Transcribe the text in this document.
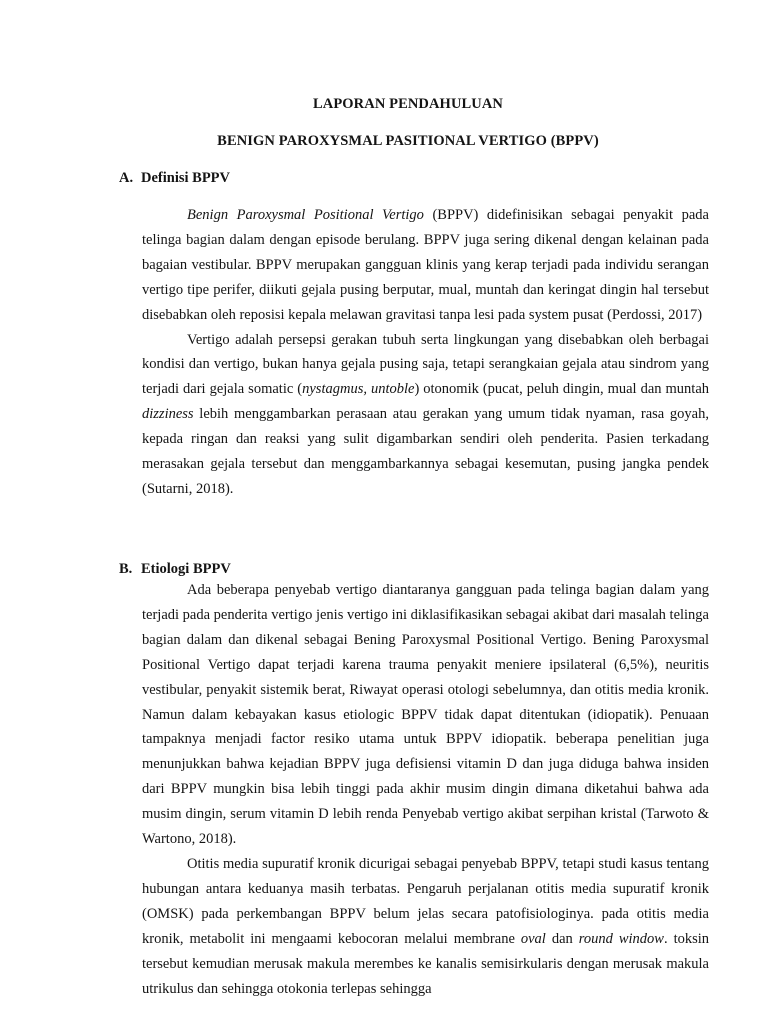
LAPORAN PENDAHULUAN
BENIGN PAROXYSMAL PASITIONAL VERTIGO (BPPV)
A. Definisi BPPV

Benign Paroxysmal Positional Vertigo (BPPV) didefinisikan sebagai penyakit pada telinga bagian dalam dengan episode berulang. BPPV juga sering dikenal dengan kelainan pada bagaian vestibular. BPPV merupakan gangguan klinis yang kerap terjadi pada individu serangan vertigo tipe perifer, diikuti gejala pusing berputar, mual, muntah dan keringat dingin hal tersebut disebabkan oleh reposisi kepala melawan gravitasi tanpa lesi pada system pusat (Perdossi, 2017)

Vertigo adalah persepsi gerakan tubuh serta lingkungan yang disebabkan oleh berbagai kondisi dan vertigo, bukan hanya gejala pusing saja, tetapi serangkaian gejala atau sindrom yang terjadi dari gejala somatic (nystagmus, untoble) otonomik (pucat, peluh dingin, mual dan muntah dizziness lebih menggambarkan perasaan atau gerakan yang umum tidak nyaman, rasa goyah, kepada ringan dan reaksi yang sulit digambarkan sendiri oleh penderita. Pasien terkadang merasakan gejala tersebut dan menggambarkannya sebagai kesemutan, pusing jangka pendek (Sutarni, 2018).

B. Etiologi BPPV

Ada beberapa penyebab vertigo diantaranya gangguan pada telinga bagian dalam yang terjadi pada penderita vertigo jenis vertigo ini diklasifikasikan sebagai akibat dari masalah telinga bagian dalam dan dikenal sebagai Bening Paroxysmal Positional Vertigo. Bening Paroxysmal Positional Vertigo dapat terjadi karena trauma penyakit meniere ipsilateral (6,5%), neuritis vestibular, penyakit sistemik berat, Riwayat operasi otologi sebelumnya, dan otitis media kronik. Namun dalam kebayakan kasus etiologic BPPV tidak dapat ditentukan (idiopatik). Penuaan tampaknya menjadi factor resiko utama untuk BPPV idiopatik. beberapa penelitian juga menunjukkan bahwa kejadian BPPV juga defisiensi vitamin D dan juga diduga bahwa insiden dari BPPV mungkin bisa lebih tinggi pada akhir musim dingin dimana diketahui bahwa ada musim dingin, serum vitamin D lebih renda Penyebab vertigo akibat serpihan kristal (Tarwoto & Wartono, 2018).

Otitis media supuratif kronik dicurigai sebagai penyebab BPPV, tetapi studi kasus tentang hubungan antara keduanya masih terbatas. Pengaruh perjalanan otitis media supuratif kronik (OMSK) pada perkembangan BPPV belum jelas secara patofisiologinya. pada otitis media kronik, metabolit ini mengaami kebocoran melalui membrane oval dan round window. toksin tersebut kemudian merusak makula merembes ke kanalis semisirkularis dengan merusak makula utrikulus dan sehingga otokonia terlepas sehingga
